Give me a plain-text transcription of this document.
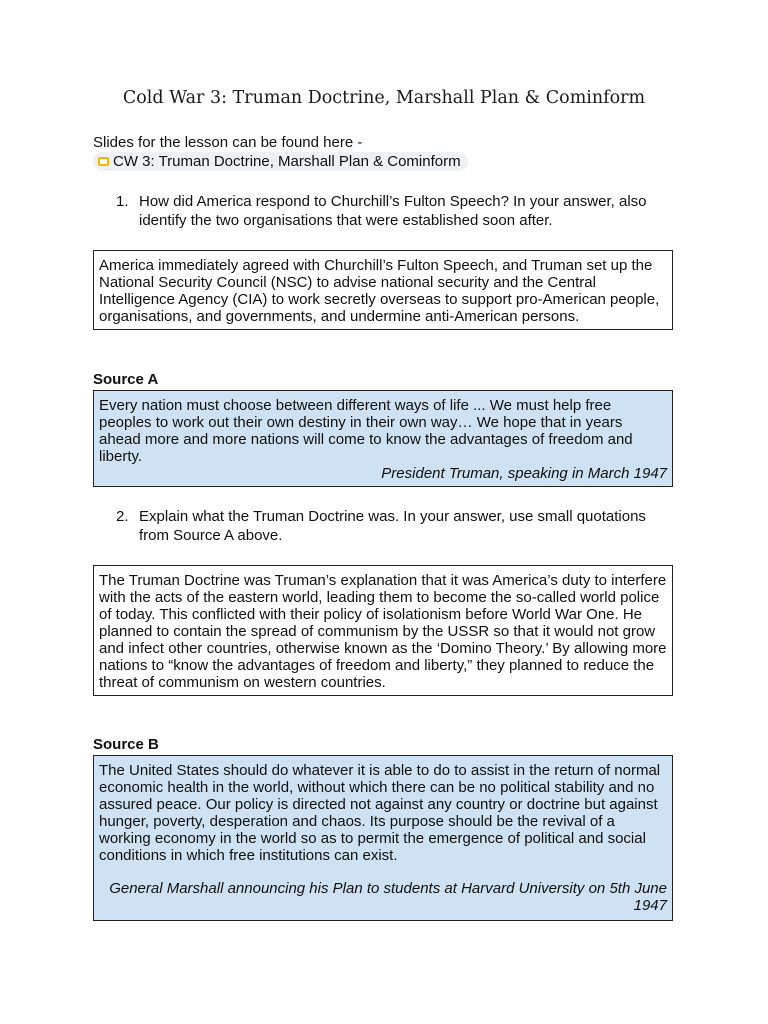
Cold War 3: Truman Doctrine, Marshall Plan & Cominform
Slides for the lesson can be found here -
CW 3: Truman Doctrine, Marshall Plan & Cominform
1. How did America respond to Churchill’s Fulton Speech? In your answer, also identify the two organisations that were established soon after.
America immediately agreed with Churchill’s Fulton Speech, and Truman set up the National Security Council (NSC) to advise national security and the Central Intelligence Agency (CIA) to work secretly overseas to support pro-American people, organisations, and governments, and undermine anti-American persons.
Source A
Every nation must choose between different ways of life ... We must help free peoples to work out their own destiny in their own way… We hope that in years ahead more and more nations will come to know the advantages of freedom and liberty.
President Truman, speaking in March 1947
2. Explain what the Truman Doctrine was. In your answer, use small quotations from Source A above.
The Truman Doctrine was Truman’s explanation that it was America’s duty to interfere with the acts of the eastern world, leading them to become the so-called world police of today. This conflicted with their policy of isolationism before World War One. He planned to contain the spread of communism by the USSR so that it would not grow and infect other countries, otherwise known as the ‘Domino Theory.’ By allowing more nations to “know the advantages of freedom and liberty,” they planned to reduce the threat of communism on western countries.
Source B
The United States should do whatever it is able to do to assist in the return of normal economic health in the world, without which there can be no political stability and no assured peace. Our policy is directed not against any country or doctrine but against hunger, poverty, desperation and chaos. Its purpose should be the revival of a working economy in the world so as to permit the emergence of political and social conditions in which free institutions can exist.
General Marshall announcing his Plan to students at Harvard University on 5th June 1947
